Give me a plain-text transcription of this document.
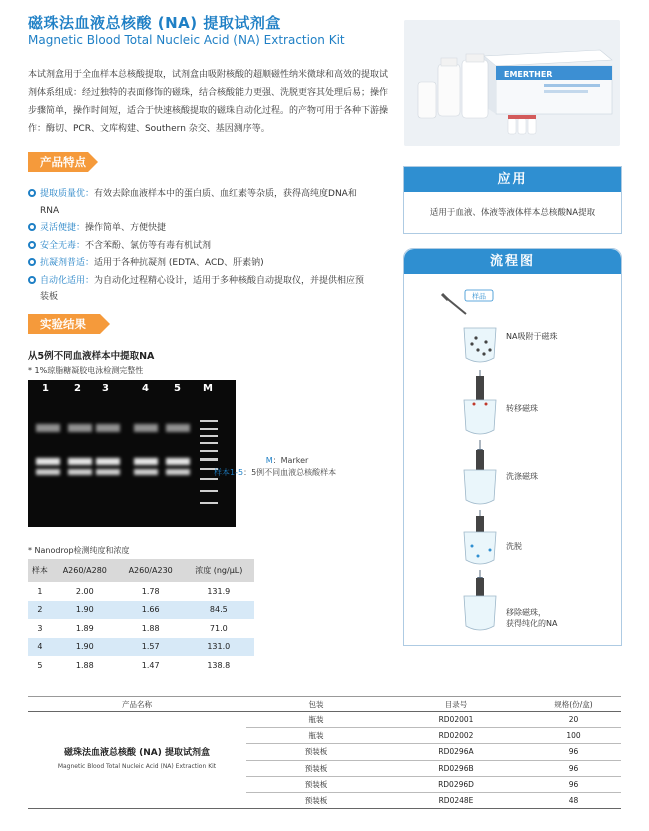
磁珠法血液总核酸 (NA) 提取试剂盒
Magnetic Blood Total Nucleic Acid (NA) Extraction Kit
本试剂盒用于全血样本总核酸提取，试剂盒由吸附核酸的超顺磁性纳米微球和高效的提取试剂体系组成：经过独特的表面修饰的磁珠，结合核酸能力更强、洗脱更容其处理后易；操作步骤简单，操作时间短，适合于快速核酸提取的磁珠自动化过程。的产物可用于各种下游操作：酶切、PCR、文库构建、Southern 杂交、基因测序等。
EMERTHER
产品特点
提取质量优：有效去除血液样本中的蛋白质、血红素等杂质，获得高纯度DNA和RNA
灵活便捷：操作简单、方便快捷
安全无毒：不含苯酚、氯仿等有毒有机试剂
抗凝剂普适：适用于各种抗凝剂 (EDTA、ACD、肝素钠)
自动化适用：为自动化过程精心设计，适用于多种核酸自动提取仪，并提供相应预装板
实验结果
从5例不同血液样本中提取NA
* 1%琼脂糖凝胶电泳检测完整性
1	2 3	4	5 M
M：Marker
样本1-5：5例不同血液总核酸样本
* Nanodrop检测纯度和浓度
样本	A260/A280	A260/A230	浓度 (ng/μL)
1	2.00	1.78	131.9
2	1.90	1.66	84.5
3	1.89	1.88	71.0
4	1.90	1.57	131.0
5	1.88	1.47	138.8
应用
适用于血液、体液等液体样本总核酸NA提取
流程图
样品
NA吸附于磁珠
转移磁珠
洗涤磁珠
洗脱
移除磁珠，
获得纯化的NA
产品名称	包装	目录号	规格(份/盒)

磁珠法血液总核酸 (NA) 提取试剂盒
Magnetic Blood Total Nucleic Acid (NA) Extraction Kit	瓶装	RD02001	20
	瓶装	RD02002	100
	预装板	RD0296A	96
	预装板	RD0296B	96
	预装板	RD0296D	96
	预装板	RD0248E	48
